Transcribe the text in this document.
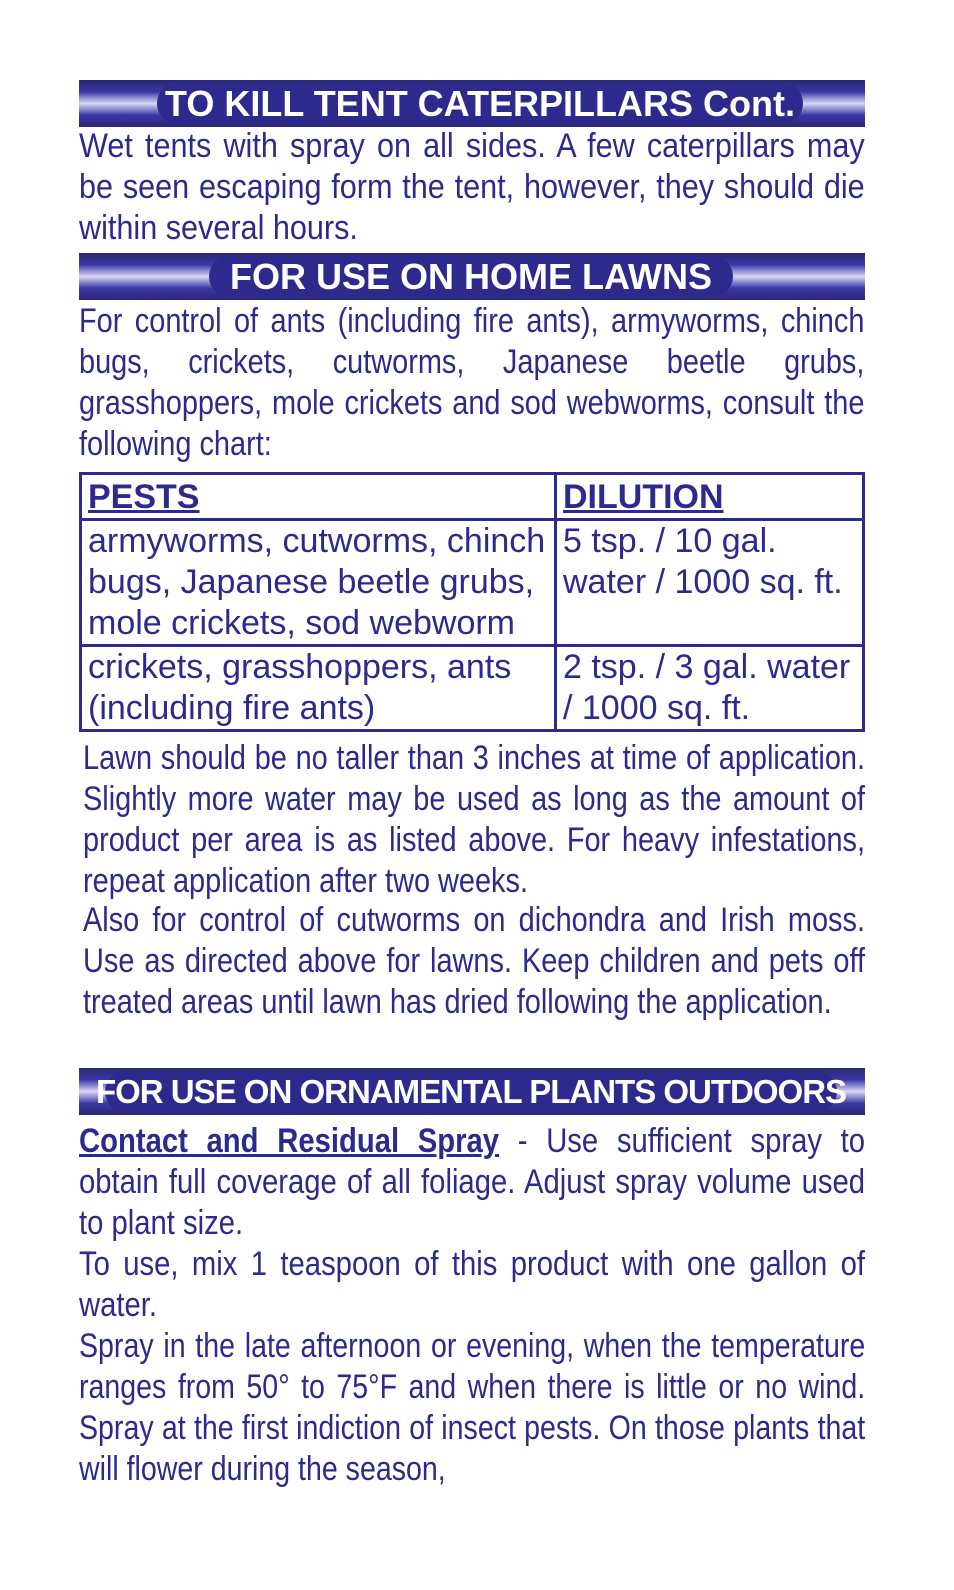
TO KILL TENT CATERPILLARS Cont.
Wet tents with spray on all sides. A few caterpillars may be seen escaping form the tent, however, they should die within several hours.
FOR USE ON HOME LAWNS
For control of ants (including fire ants), armyworms, chinch bugs, crickets, cutworms, Japanese beetle grubs, grasshoppers, mole crickets and sod webworms, consult the following chart:
PESTS	DILUTION
armyworms, cutworms, chinch bugs, Japanese beetle grubs, mole crickets, sod webworm	5 tsp. / 10 gal. water / 1000 sq. ft.
crickets, grasshoppers, ants (including fire ants)	2 tsp. / 3 gal. water / 1000 sq. ft.
Lawn should be no taller than 3 inches at time of application. Slightly more water may be used as long as the amount of product per area is as listed above. For heavy infestations, repeat application after two weeks.
Also for control of cutworms on dichondra and Irish moss. Use as directed above for lawns. Keep children and pets off treated areas until lawn has dried following the application.
FOR USE ON ORNAMENTAL PLANTS OUTDOORS
Contact and Residual Spray - Use sufficient spray to obtain full coverage of all foliage. Adjust spray volume used to plant size.
To use, mix 1 teaspoon of this product with one gallon of water.
Spray in the late afternoon or evening, when the temperature ranges from 50° to 75°F and when there is little or no wind. Spray at the first indiction of insect pests. On those plants that will flower during the season,
